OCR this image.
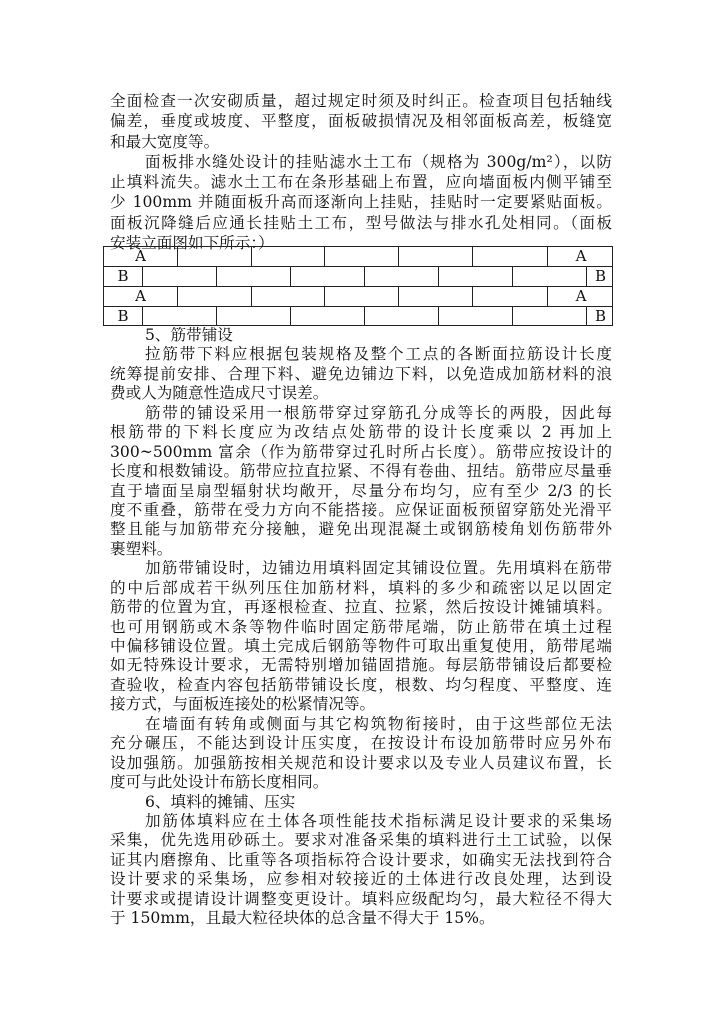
全面检查一次安砌质量，超过规定时须及时纠正。检查项目包括轴线
偏差，垂度或坡度、平整度，面板破损情况及相邻面板高差，板缝宽
和最大宽度等。
面板排水缝处设计的挂贴滤水土工布（规格为 300g/m²），以防
止填料流失。滤水土工布在条形基础上布置，应向墙面板内侧平铺至
少 100mm 并随面板升高而逐渐向上挂贴，挂贴时一定要紧贴面板。
面板沉降缝后应通长挂贴土工布，型号做法与排水孔处相同。（面板
安装立面图如下所示：）
A	A
B	B
A	A
B	B
5、筋带铺设
拉筋带下料应根据包装规格及整个工点的各断面拉筋设计长度
统筹提前安排、合理下料、避免边铺边下料，以免造成加筋材料的浪
费或人为随意性造成尺寸误差。
筋带的铺设采用一根筋带穿过穿筋孔分成等长的两股，因此每
根筋带的下料长度应为改结点处筋带的设计长度乘以 2 再加上
300~500mm 富余（作为筋带穿过孔时所占长度）。筋带应按设计的
长度和根数铺设。筋带应拉直拉紧、不得有卷曲、扭结。筋带应尽量垂
直于墙面呈扇型辐射状均敞开，尽量分布均匀，应有至少 2/3 的长
度不重叠，筋带在受力方向不能搭接。应保证面板预留穿筋处光滑平
整且能与加筋带充分接触，避免出现混凝土或钢筋棱角划伤筋带外
裹塑料。
加筋带铺设时，边铺边用填料固定其铺设位置。先用填料在筋带
的中后部成若干纵列压住加筋材料，填料的多少和疏密以足以固定
筋带的位置为宜，再逐根检查、拉直、拉紧，然后按设计摊铺填料。
也可用钢筋或木条等物件临时固定筋带尾端，防止筋带在填土过程
中偏移铺设位置。填土完成后钢筋等物件可取出重复使用，筋带尾端
如无特殊设计要求，无需特别增加锚固措施。每层筋带铺设后都要检
查验收，检查内容包括筋带铺设长度，根数、均匀程度、平整度、连
接方式，与面板连接处的松紧情况等。
在墙面有转角或侧面与其它构筑物衔接时，由于这些部位无法
充分碾压，不能达到设计压实度，在按设计布设加筋带时应另外布
设加强筋。加强筋按相关规范和设计要求以及专业人员建议布置，长
度可与此处设计布筋长度相同。
6、填料的摊铺、压实
加筋体填料应在土体各项性能技术指标满足设计要求的采集场
采集，优先选用砂砾土。要求对准备采集的填料进行土工试验，以保
证其内磨擦角、比重等各项指标符合设计要求，如确实无法找到符合
设计要求的采集场，应参相对较接近的土体进行改良处理，达到设
计要求或提请设计调整变更设计。填料应级配均匀，最大粒径不得大
于 150mm，且最大粒径块体的总含量不得大于 15%。
